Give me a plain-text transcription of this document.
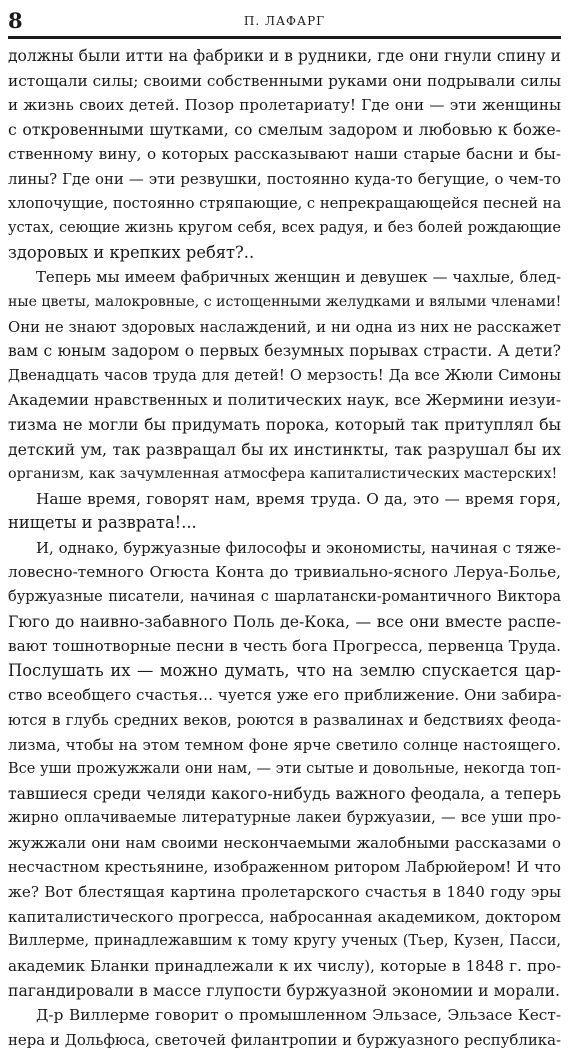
8	П. ЛАФАРГ
должны были итти на фабрики и в рудники, где они гнули спину и
истощали силы; своими собственными руками они подрывали силы
и жизнь своих детей. Позор пролетариату! Где они — эти женщины
с откровенными шутками, со смелым задором и любовью к боже-
ственному вину, о которых рассказывают наши старые басни и бы-
лины? Где они — эти резвушки, постоянно куда-то бегущие, о чем-то
хлопочущие, постоянно стряпающие, с непрекращающейся песней на
устах, сеющие жизнь кругом себя, всех радуя, и без болей рождающие
здоровых и крепких ребят?..
Теперь мы имеем фабричных женщин и девушек — чахлые, блед-
ные цветы, малокровные, с истощенными желудками и вялыми членами!
Они не знают здоровых наслаждений, и ни одна из них не расскажет
вам с юным задором о первых безумных порывах страсти. А дети?
Двенадцать часов труда для детей! О мерзость! Да все Жюли Симоны
Академии нравственных и политических наук, все Жермини иезуи-
тизма не могли бы придумать порока, который так притуплял бы
детский ум, так развращал бы их инстинкты, так разрушал бы их
организм, как зачумленная атмосфера капиталистических мастерских!
Наше время, говорят нам, время труда. О да, это — время горя,
нищеты и разврата!...
И, однако, буржуазные философы и экономисты, начиная с тяже-
ловесно-темного Огюста Конта до тривиально-ясного Леруа-Болье,
буржуазные писатели, начиная с шарлатански-романтичного Виктора
Гюго до наивно-забавного Поль де-Кока, — все они вместе распе-
вают тошнотворные песни в честь бога Прогресса, первенца Труда.
Послушать их — можно думать, что на землю спускается цар-
ство всеобщего счастья… чуется уже его приближение. Они забира-
ются в глубь средних веков, роются в развалинах и бедствиях феода-
лизма, чтобы на этом темном фоне ярче светило солнце настоящего.
Все уши прожужжали они нам, — эти сытые и довольные, некогда топ-
тавшиеся среди челяди какого-нибудь важного феодала, а теперь
жирно оплачиваемые литературные лакеи буржуазии, — все уши про-
жужжали они нам своими нескончаемыми жалобными рассказами о
несчастном крестьянине, изображенном ритором Лабрюйером! И что
же? Вот блестящая картина пролетарского счастья в 1840 году эры
капиталистического прогресса, набросанная академиком, доктором
Виллерме, принадлежавшим к тому кругу ученых (Тьер, Кузен, Пасси,
академик Бланки принадлежали к их числу), которые в 1848 г. про-
пагандировали в массе глупости буржуазной экономии и морали.
Д-р Виллерме говорит о промышленном Эльзасе, Эльзасе Кест-
нера и Дольфюса, светочей филантропии и буржуазного республика-
